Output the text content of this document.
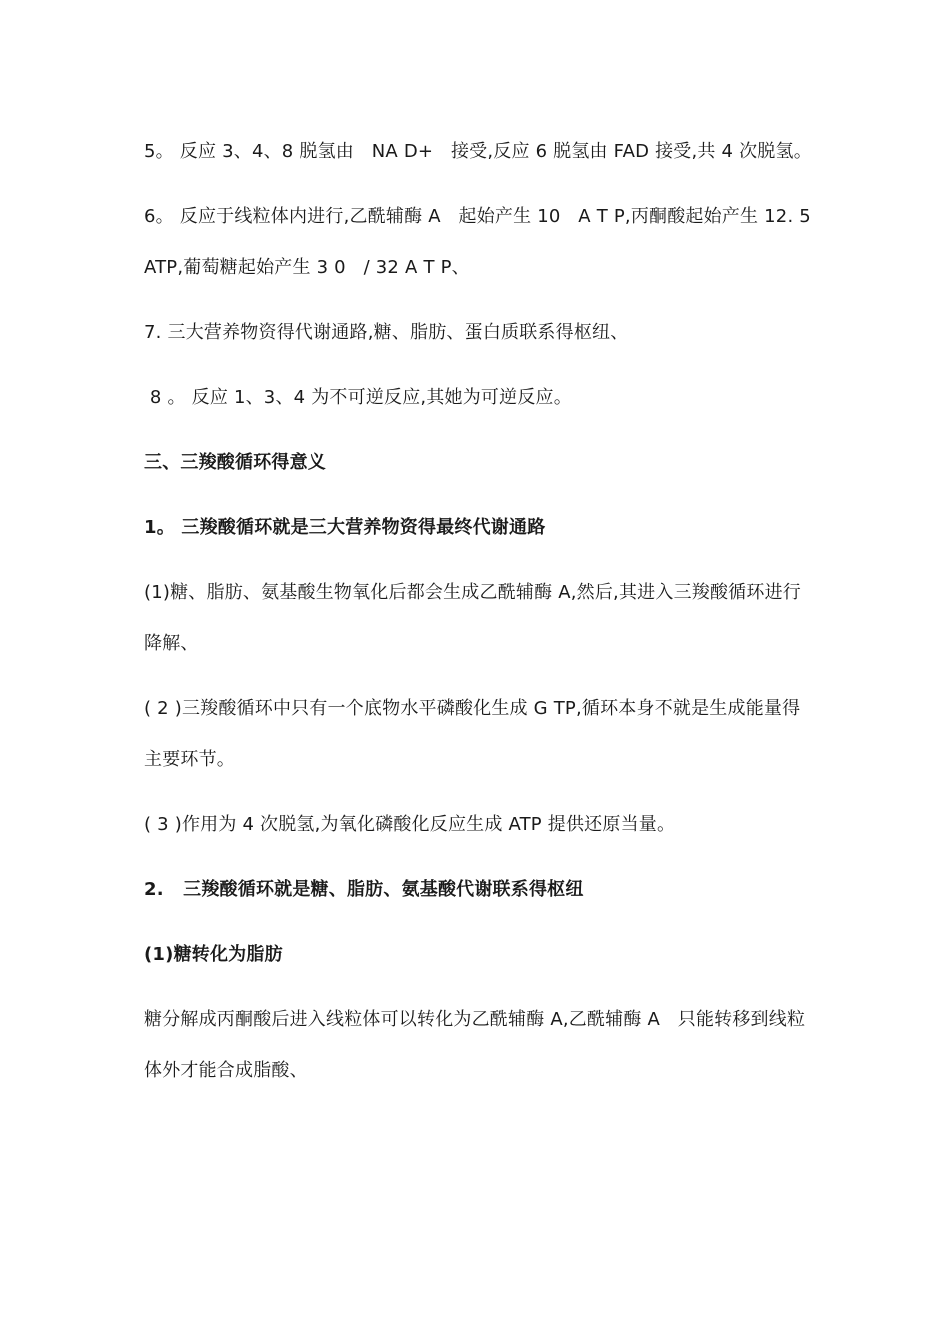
5。 反应 3、4、8 脱氢由   NA D+   接受,反应 6 脱氢由 FAD 接受,共 4 次脱氢。

6。 反应于线粒体内进行,乙酰辅酶 A   起始产生 10   A T P,丙酮酸起始产生 12. 5  ATP,葡萄糖起始产生 3 0   / 32 A T P、

7. 三大营养物资得代谢通路,糖、脂肪、蛋白质联系得枢纽、

8 。 反应 1、3、4 为不可逆反应,其她为可逆反应。

三、三羧酸循环得意义

1。 三羧酸循环就是三大营养物资得最终代谢通路

(1)糖、脂肪、氨基酸生物氧化后都会生成乙酰辅酶 A,然后,其进入三羧酸循环进行降解、

( 2 )三羧酸循环中只有一个底物水平磷酸化生成 G TP,循环本身不就是生成能量得主要环节。

( 3 )作用为 4 次脱氢,为氧化磷酸化反应生成 ATP 提供还原当量。

2.   三羧酸循环就是糖、脂肪、氨基酸代谢联系得枢纽

(1)糖转化为脂肪

糖分解成丙酮酸后进入线粒体可以转化为乙酰辅酶 A,乙酰辅酶 A   只能转移到线粒体外才能合成脂酸、
